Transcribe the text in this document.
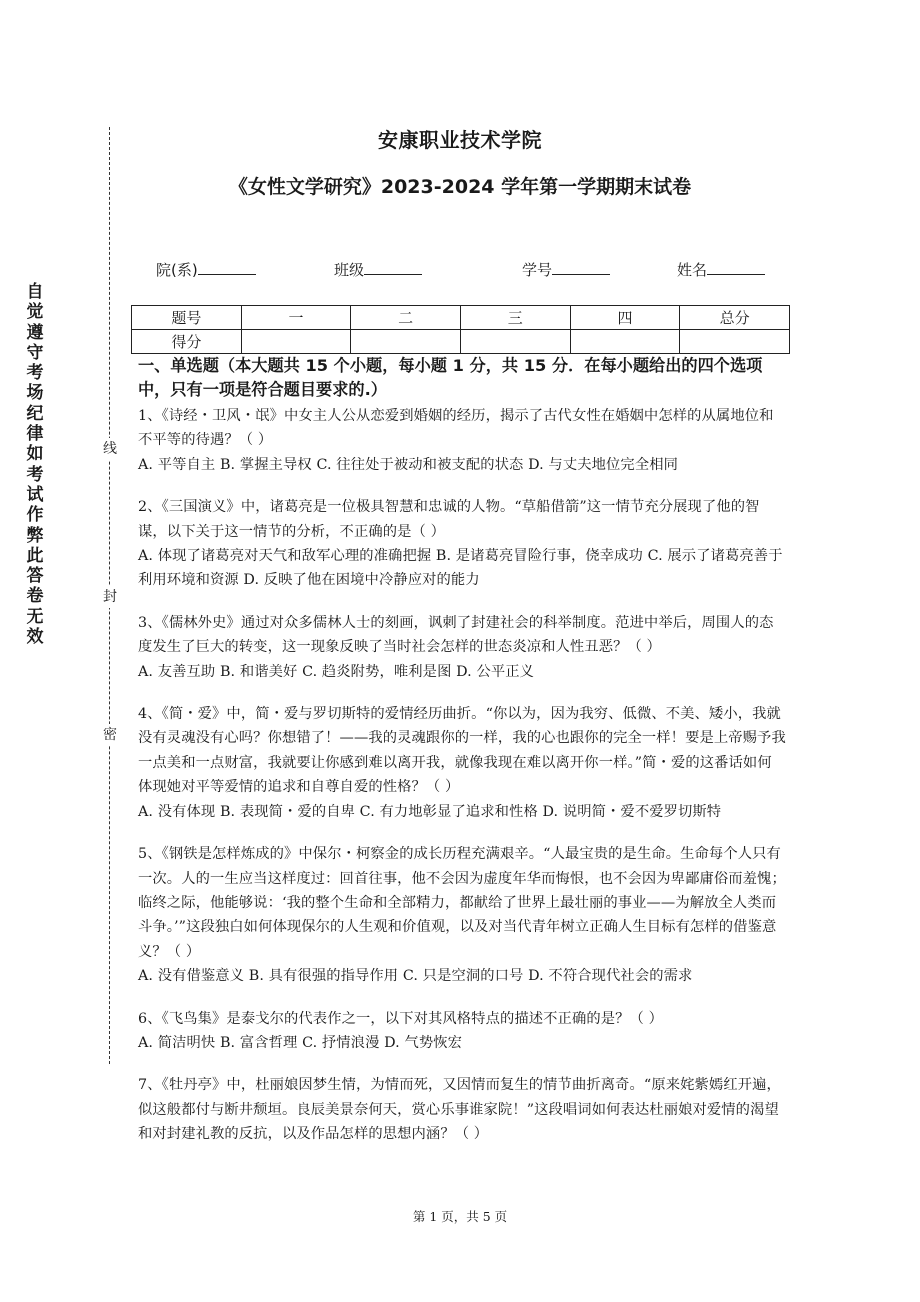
自觉遵守考场纪律如考试作弊此答卷无效
线
封
密
安康职业技术学院
《女性文学研究》2023-2024 学年第一学期期末试卷
院(系)	班级	学号	姓名
题号	一	二	三	四	总分
得分					
一、单选题（本大题共 15 个小题，每小题 1 分，共 15 分．在每小题给出的四个选项中，只有一项是符合题目要求的.）
1、《诗经・卫风・氓》中女主人公从恋爱到婚姻的经历，揭示了古代女性在婚姻中怎样的从属地位和不平等的待遇？（ ）
A. 平等自主 B. 掌握主导权 C. 往往处于被动和被支配的状态 D. 与丈夫地位完全相同
2、《三国演义》中，诸葛亮是一位极具智慧和忠诚的人物。“草船借箭”这一情节充分展现了他的智谋，以下关于这一情节的分析，不正确的是（ ）
A. 体现了诸葛亮对天气和敌军心理的准确把握 B. 是诸葛亮冒险行事，侥幸成功 C. 展示了诸葛亮善于利用环境和资源 D. 反映了他在困境中冷静应对的能力
3、《儒林外史》通过对众多儒林人士的刻画，讽刺了封建社会的科举制度。范进中举后，周围人的态度发生了巨大的转变，这一现象反映了当时社会怎样的世态炎凉和人性丑恶？（ ）
A. 友善互助 B. 和谐美好 C. 趋炎附势，唯利是图 D. 公平正义
4、《简・爱》中，简・爱与罗切斯特的爱情经历曲折。“你以为，因为我穷、低微、不美、矮小，我就没有灵魂没有心吗？你想错了！——我的灵魂跟你的一样，我的心也跟你的完全一样！要是上帝赐予我一点美和一点财富，我就要让你感到难以离开我，就像我现在难以离开你一样。”简・爱的这番话如何体现她对平等爱情的追求和自尊自爱的性格？（ ）
A. 没有体现 B. 表现简・爱的自卑 C. 有力地彰显了追求和性格 D. 说明简・爱不爱罗切斯特
5、《钢铁是怎样炼成的》中保尔・柯察金的成长历程充满艰辛。“人最宝贵的是生命。生命每个人只有一次。人的一生应当这样度过：回首往事，他不会因为虚度年华而悔恨，也不会因为卑鄙庸俗而羞愧；临终之际，他能够说：‘我的整个生命和全部精力，都献给了世界上最壮丽的事业——为解放全人类而斗争。’”这段独白如何体现保尔的人生观和价值观，以及对当代青年树立正确人生目标有怎样的借鉴意义？（ ）
A. 没有借鉴意义 B. 具有很强的指导作用 C. 只是空洞的口号 D. 不符合现代社会的需求
6、《飞鸟集》是泰戈尔的代表作之一，以下对其风格特点的描述不正确的是？（ ）
A. 简洁明快 B. 富含哲理 C. 抒情浪漫 D. 气势恢宏
7、《牡丹亭》中，杜丽娘因梦生情，为情而死，又因情而复生的情节曲折离奇。“原来姹紫嫣红开遍，似这般都付与断井颓垣。良辰美景奈何天，赏心乐事谁家院！”这段唱词如何表达杜丽娘对爱情的渴望和对封建礼教的反抗，以及作品怎样的思想内涵？（ ）
第 1 页，共 5 页
